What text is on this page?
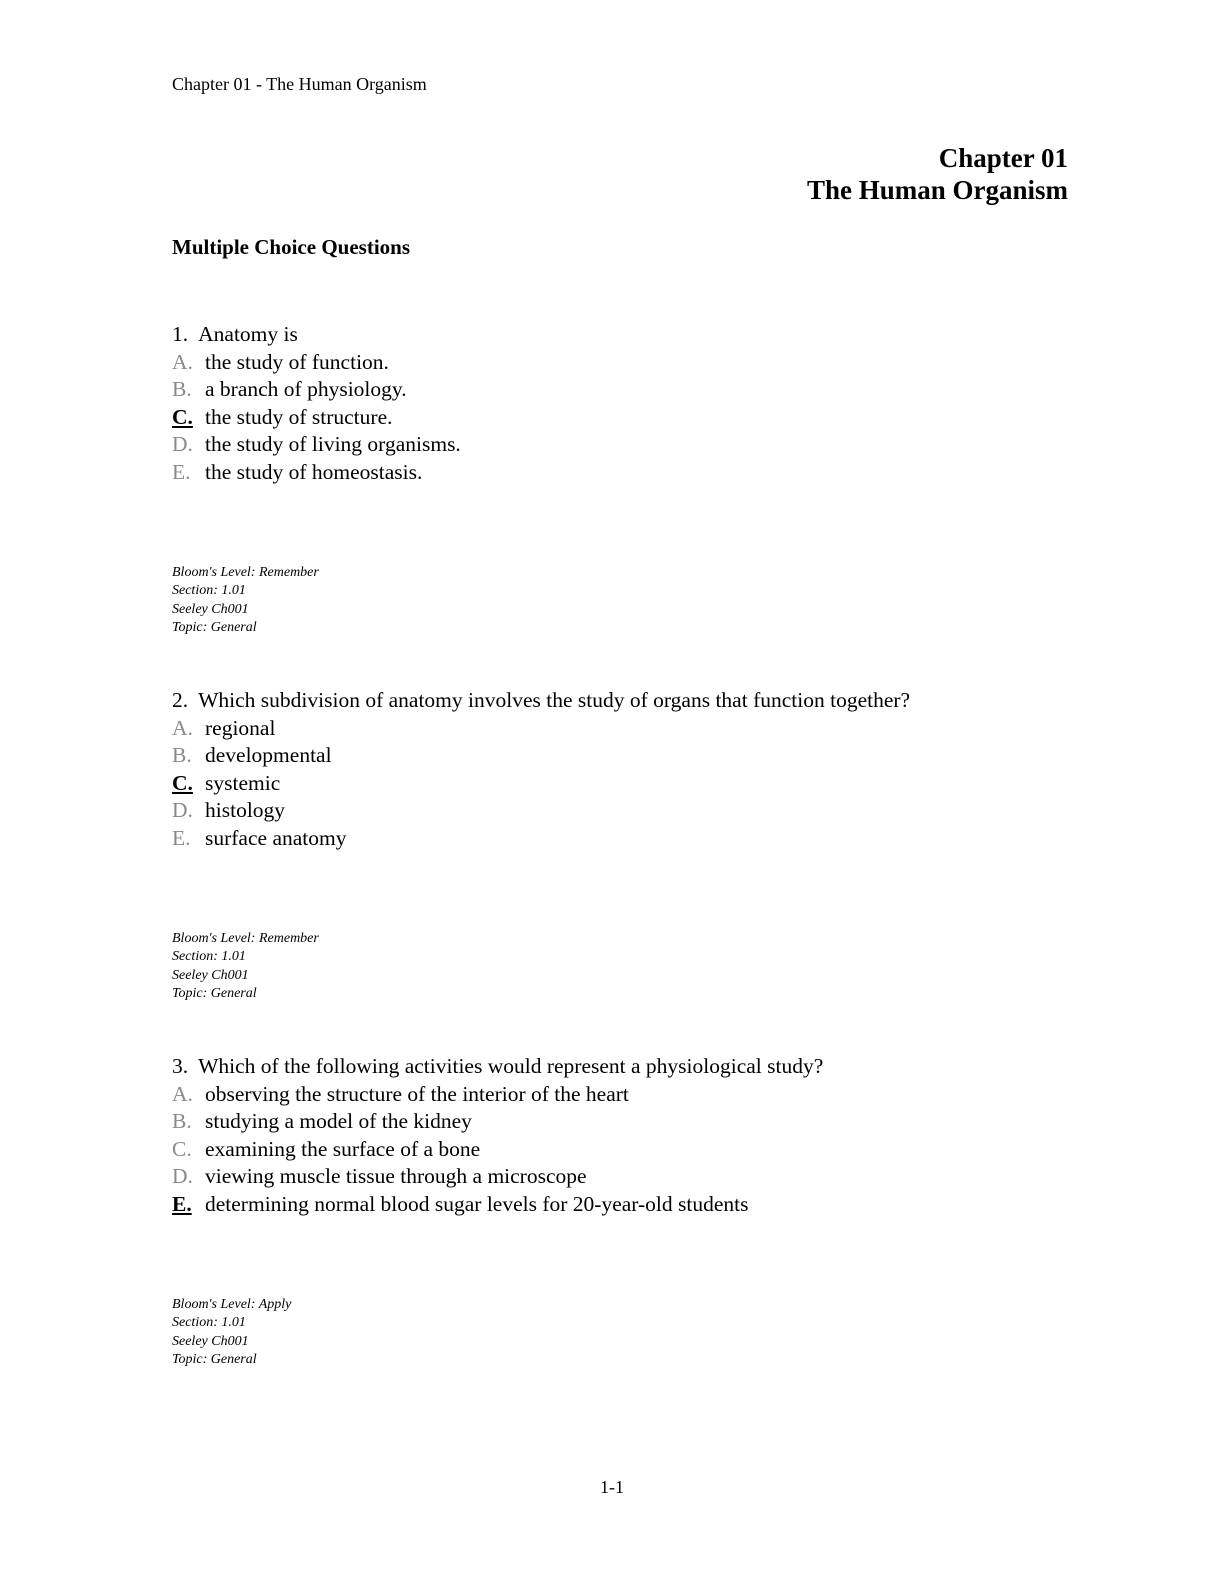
Chapter 01 - The Human Organism
Chapter 01
The Human Organism
Multiple Choice Questions
1. Anatomy is
A. the study of function.
B. a branch of physiology.
C. the study of structure.
D. the study of living organisms.
E. the study of homeostasis.
Bloom's Level: Remember
Section: 1.01
Seeley Ch001
Topic: General
2. Which subdivision of anatomy involves the study of organs that function together?
A. regional
B. developmental
C. systemic
D. histology
E. surface anatomy
Bloom's Level: Remember
Section: 1.01
Seeley Ch001
Topic: General
3. Which of the following activities would represent a physiological study?
A. observing the structure of the interior of the heart
B. studying a model of the kidney
C. examining the surface of a bone
D. viewing muscle tissue through a microscope
E. determining normal blood sugar levels for 20-year-old students
Bloom's Level: Apply
Section: 1.01
Seeley Ch001
Topic: General
1-1
